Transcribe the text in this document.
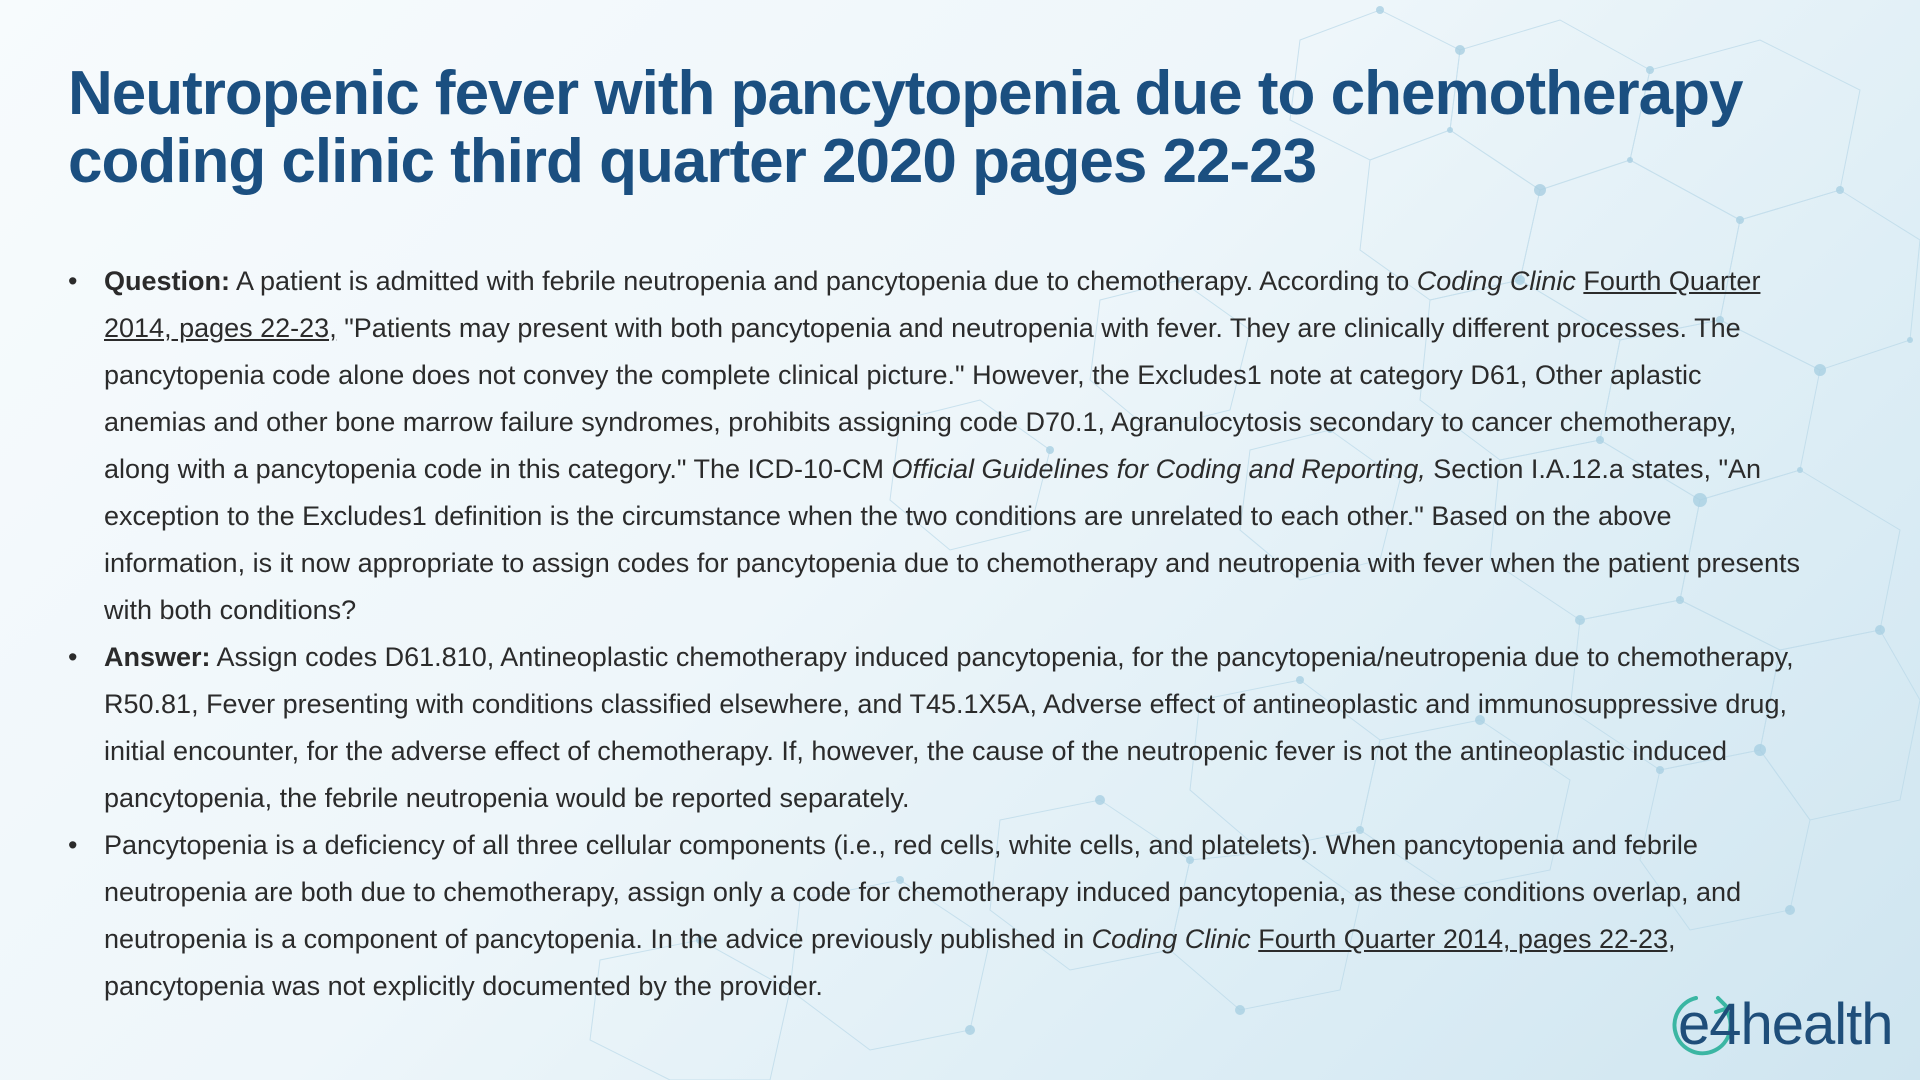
Neutropenic fever with pancytopenia due to chemotherapy
coding clinic third quarter 2020 pages 22-23
• Question: A patient is admitted with febrile neutropenia and pancytopenia due to chemotherapy. According to Coding Clinic Fourth Quarter 2014, pages 22-23, "Patients may present with both pancytopenia and neutropenia with fever. They are clinically different processes. The pancytopenia code alone does not convey the complete clinical picture." However, the Excludes1 note at category D61, Other aplastic anemias and other bone marrow failure syndromes, prohibits assigning code D70.1, Agranulocytosis secondary to cancer chemotherapy, along with a pancytopenia code in this category." The ICD-10-CM Official Guidelines for Coding and Reporting, Section I.A.12.a states, "An exception to the Excludes1 definition is the circumstance when the two conditions are unrelated to each other." Based on the above information, is it now appropriate to assign codes for pancytopenia due to chemotherapy and neutropenia with fever when the patient presents with both conditions?
• Answer: Assign codes D61.810, Antineoplastic chemotherapy induced pancytopenia, for the pancytopenia/neutropenia due to chemotherapy, R50.81, Fever presenting with conditions classified elsewhere, and T45.1X5A, Adverse effect of antineoplastic and immunosuppressive drug, initial encounter, for the adverse effect of chemotherapy. If, however, the cause of the neutropenic fever is not the antineoplastic induced pancytopenia, the febrile neutropenia would be reported separately.
• Pancytopenia is a deficiency of all three cellular components (i.e., red cells, white cells, and platelets). When pancytopenia and febrile neutropenia are both due to chemotherapy, assign only a code for chemotherapy induced pancytopenia, as these conditions overlap, and neutropenia is a component of pancytopenia. In the advice previously published in Coding Clinic Fourth Quarter 2014, pages 22-23, pancytopenia was not explicitly documented by the provider.
e4health
